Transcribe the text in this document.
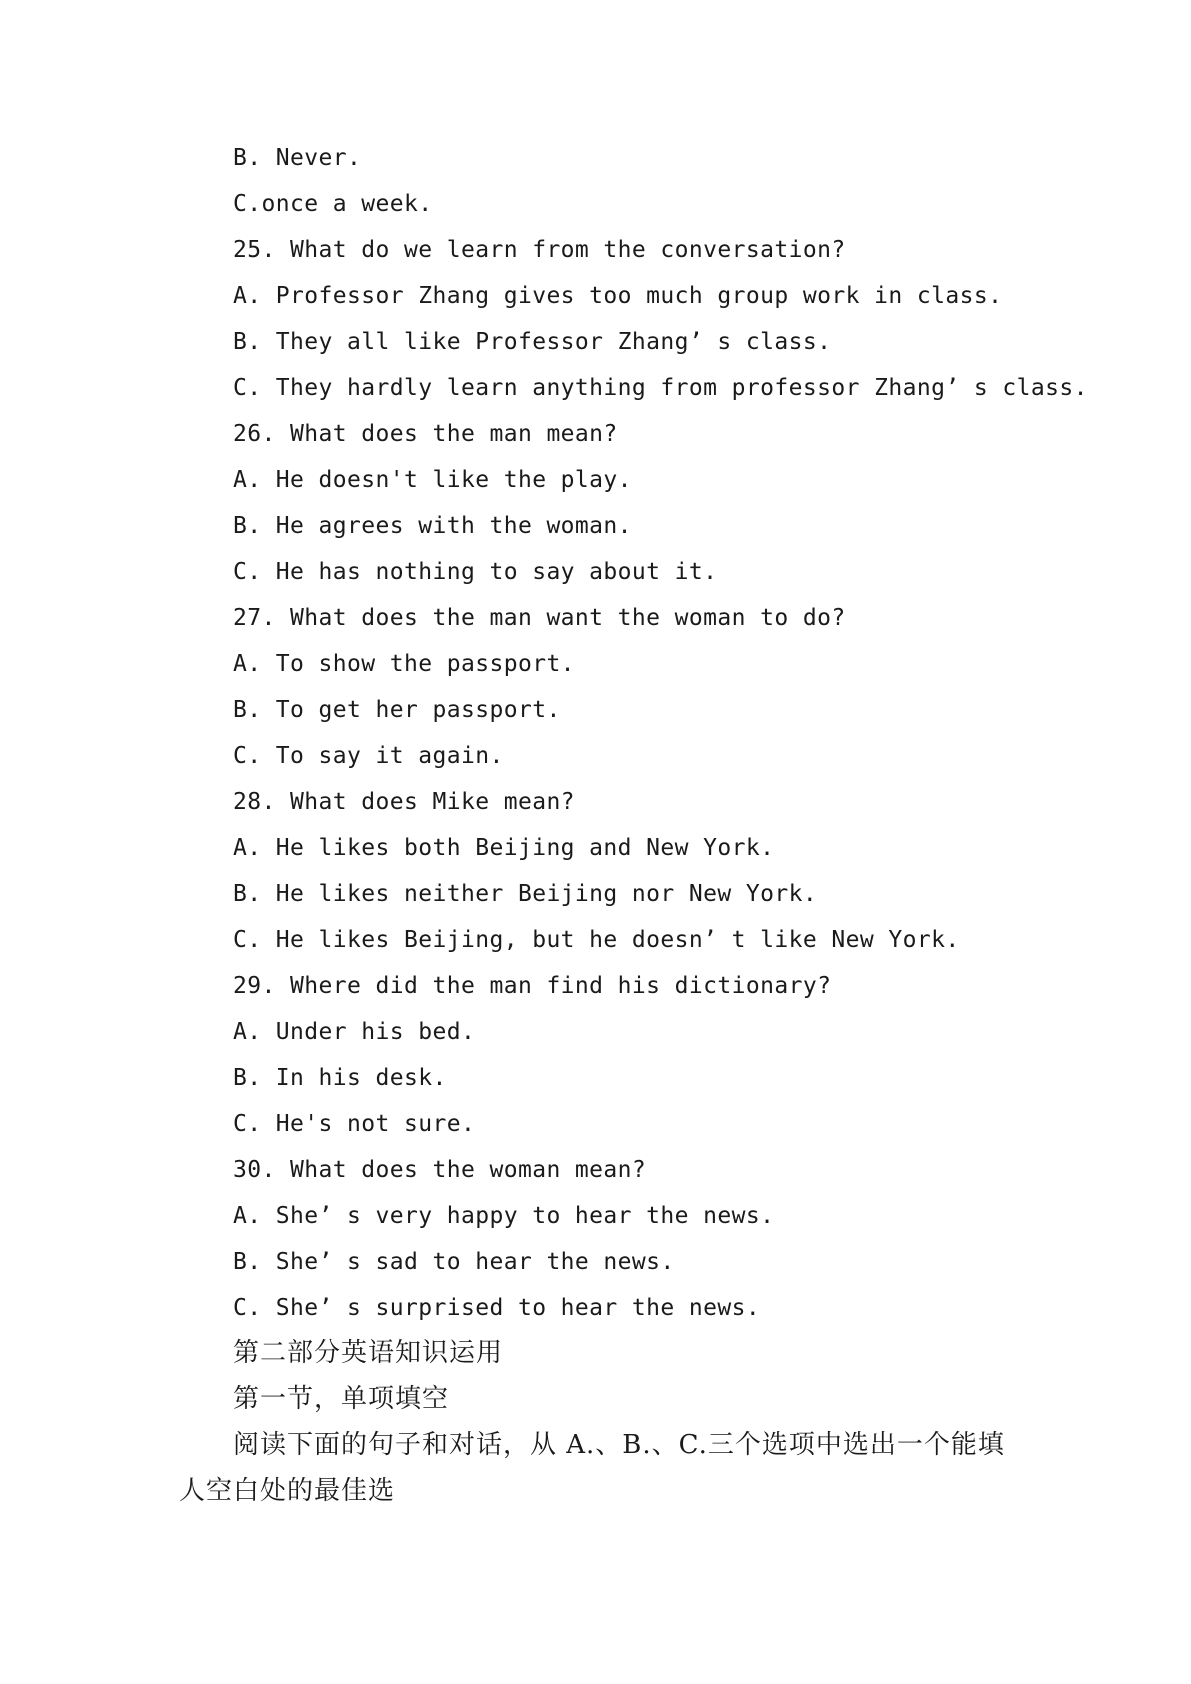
B. Never.
C.once a week.
25. What do we learn from the conversation?
A. Professor Zhang gives too much group work in class.
B. They all like Professor Zhang’ s class.
C. They hardly learn anything from professor Zhang’ s class.
26. What does the man mean?
A. He doesn't like the play.
B. He agrees with the woman.
C. He has nothing to say about it.
27. What does the man want the woman to do?
A. To show the passport.
B. To get her passport.
C. To say it again.
28. What does Mike mean?
A. He likes both Beijing and New York.
B. He likes neither Beijing nor New York.
C. He likes Beijing, but he doesn’ t like New York.
29. Where did the man find his dictionary?
A. Under his bed.
B. In his desk.
C. He's not sure.
30. What does the woman mean?
A. She’ s very happy to hear the news.
B. She’ s sad to hear the news.
C. She’ s surprised to hear the news.
第二部分英语知识运用
第一节，单项填空
阅读下面的句子和对话，从 A.、B.、C.三个选项中选出一个能填
人空白处的最佳选
